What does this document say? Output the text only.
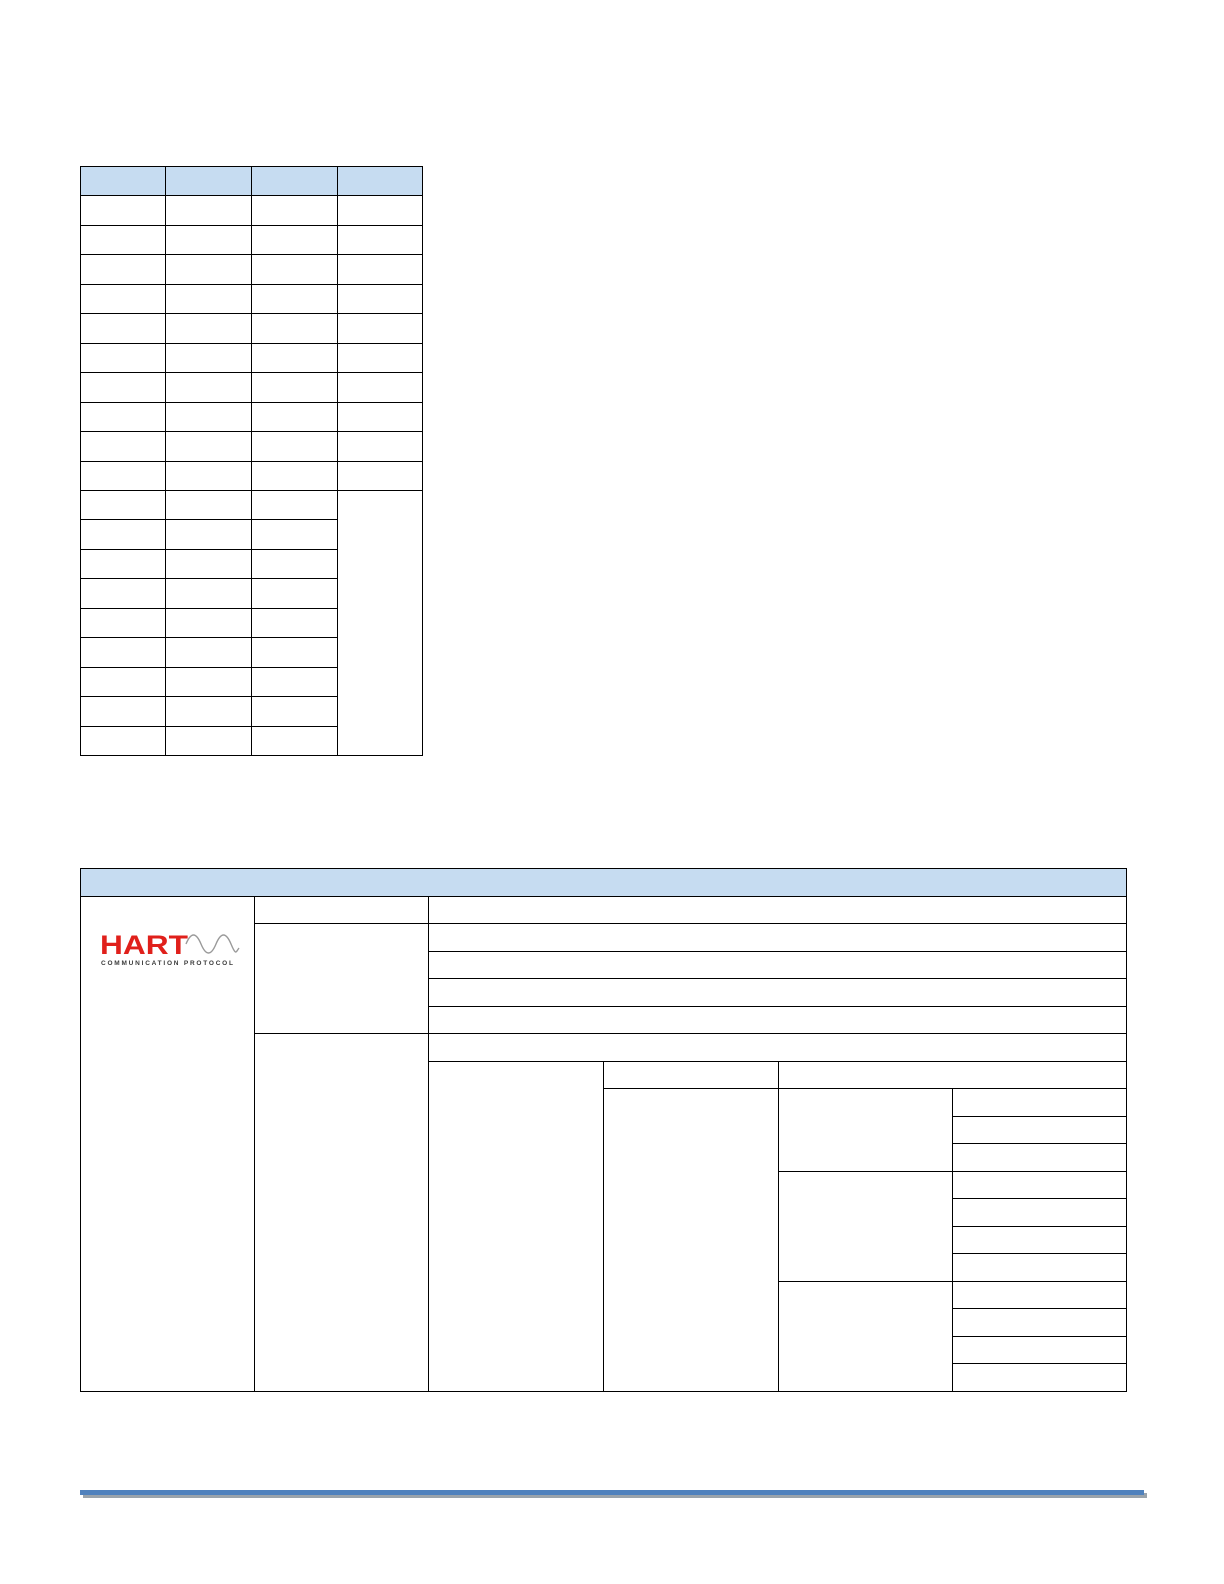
HART
COMMUNICATION PROTOCOL
